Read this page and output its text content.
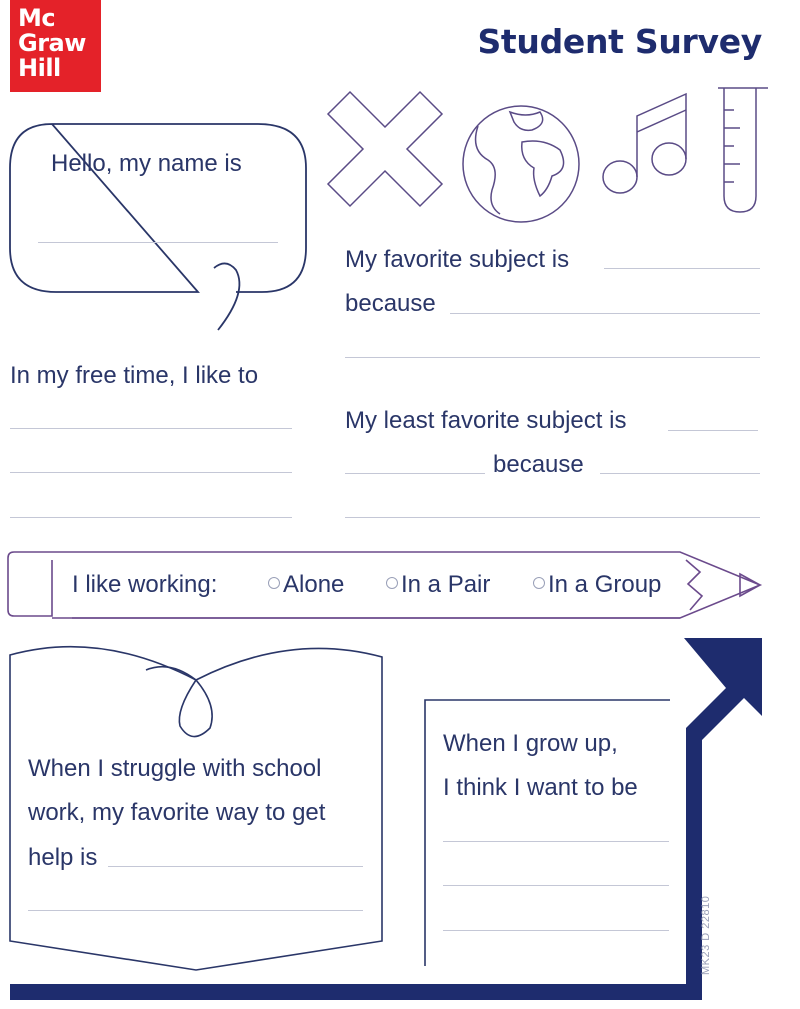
Mc
Graw
Hill
Student Survey
Hello, my name is
My favorite subject is
because
In my free time, I like to
My least favorite subject is
because
I like working:	Alone	In a Pair	In a Group
When I struggle with school
work, my favorite way to get
help is
When I grow up,
I think I want to be
MK23 D 22810
